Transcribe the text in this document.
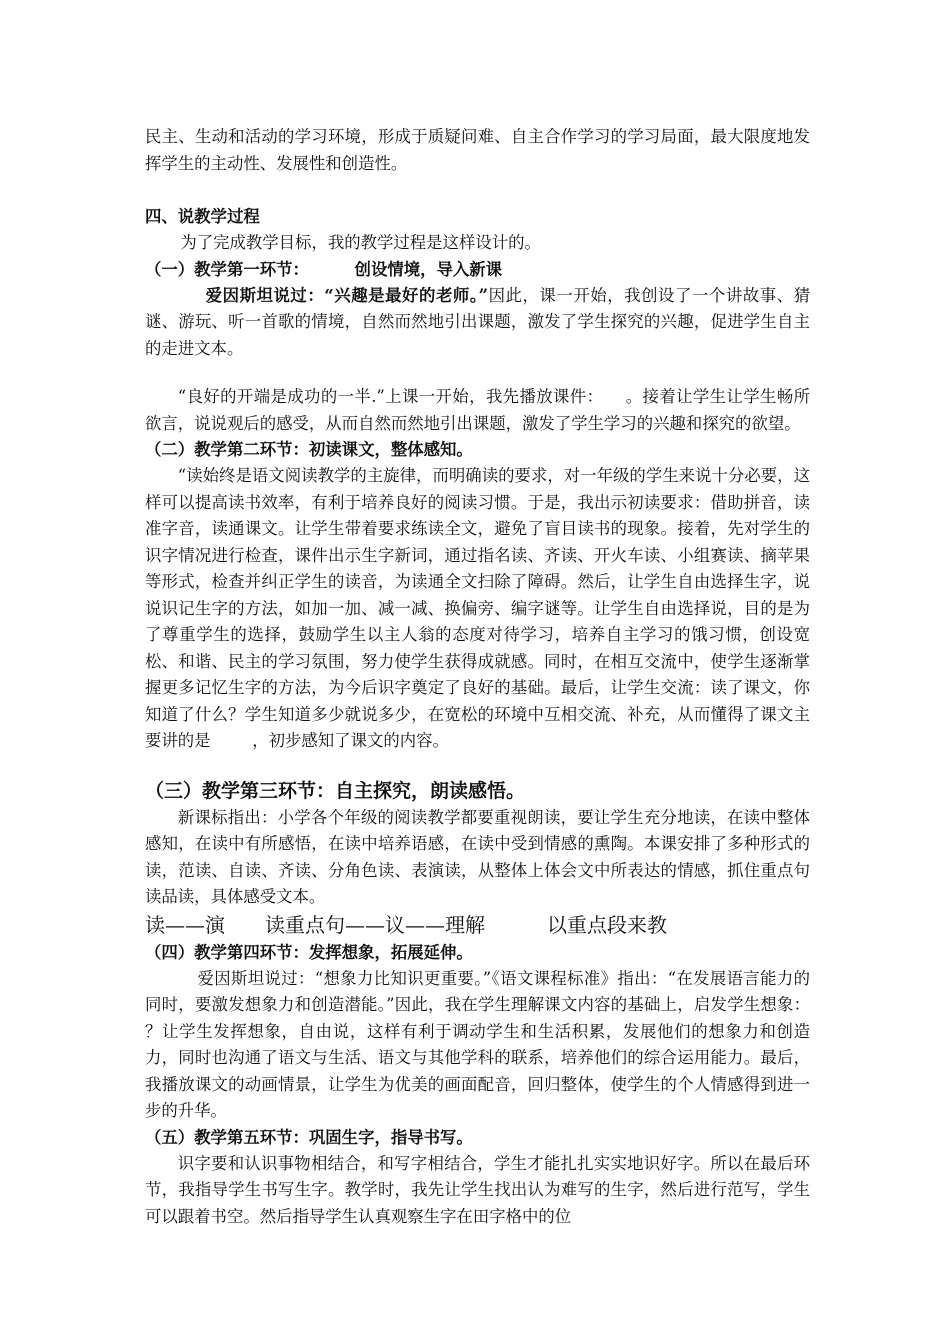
民主、生动和活动的学习环境，形成于质疑问难、自主合作学习的学习局面，最大限度地发挥学生的主动性、发展性和创造性。

四、说教学过程

为了完成教学目标，我的教学过程是这样设计的。

（一）教学第一环节：        创设情境，导入新课

爱因斯坦说过：“兴趣是最好的老师。”因此，课一开始，我创设了一个讲故事、猜谜、游玩、听一首歌的情境，自然而然地引出课题，激发了学生探究的兴趣，促进学生自主的走进文本。

“良好的开端是成功的一半.”上课一开始，我先播放课件：    。接着让学生让学生畅所欲言，说说观后的感受，从而自然而然地引出课题，激发了学生学习的兴趣和探究的欲望。

（二）教学第二环节：初读课文，整体感知。

“读始终是语文阅读教学的主旋律，而明确读的要求，对一年级的学生来说十分必要，这样可以提高读书效率，有利于培养良好的阅读习惯。于是，我出示初读要求：借助拼音，读准字音，读通课文。让学生带着要求练读全文，避免了盲目读书的现象。接着，先对学生的识字情况进行检查，课件出示生字新词，通过指名读、齐读、开火车读、小组赛读、摘苹果等形式，检查并纠正学生的读音，为读通全文扫除了障碍。然后，让学生自由选择生字，说说识记生字的方法，如加一加、减一减、换偏旁、编字谜等。让学生自由选择说，目的是为了尊重学生的选择，鼓励学生以主人翁的态度对待学习，培养自主学习的饿习惯，创设宽松、和谐、民主的学习氛围，努力使学生获得成就感。同时，在相互交流中，使学生逐渐掌握更多记忆生字的方法，为今后识字奠定了良好的基础。最后，让学生交流：读了课文，你知道了什么？学生知道多少就说多少，在宽松的环境中互相交流、补充，从而懂得了课文主要讲的是        ，初步感知了课文的内容。

（三）教学第三环节：自主探究，朗读感悟。

新课标指出：小学各个年级的阅读教学都要重视朗读，要让学生充分地读，在读中整体感知，在读中有所感悟，在读中培养语感，在读中受到情感的熏陶。本课安排了多种形式的读，范读、自读、齐读、分角色读、表演读，从整体上体会文中所表达的情感，抓住重点句读品读，具体感受文本。

读——演 读重点句——议——理解	以重点段来教

（四）教学第四环节：发挥想象，拓展延伸。

爱因斯坦说过：“想象力比知识更重要。”《语文课程标准》指出：“在发展语言能力的同时，要激发想象力和创造潜能。”因此，我在学生理解课文内容的基础上，启发学生想象：            ？让学生发挥想象，自由说，这样有利于调动学生和生活积累，发展他们的想象力和创造力，同时也沟通了语文与生活、语文与其他学科的联系，培养他们的综合运用能力。最后，我播放课文的动画情景，让学生为优美的画面配音，回归整体，使学生的个人情感得到进一步的升华。

（五）教学第五环节：巩固生字，指导书写。

识字要和认识事物相结合，和写字相结合，学生才能扎扎实实地识好字。所以在最后环节，我指导学生书写生字。教学时，我先让学生找出认为难写的生字，然后进行范写，学生可以跟着书空。然后指导学生认真观察生字在田字格中的位
